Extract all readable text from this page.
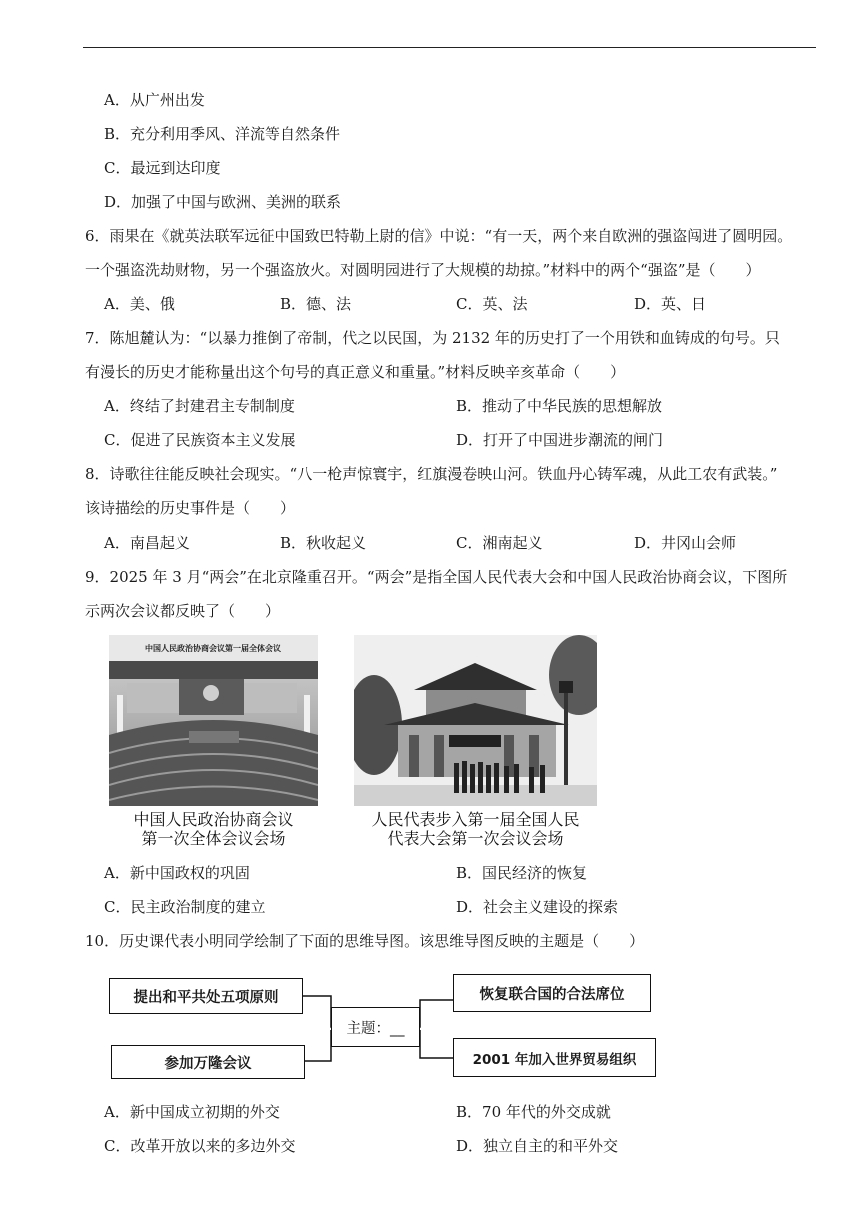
A．从广州出发
B．充分利用季风、洋流等自然条件
C．最远到达印度
D．加强了中国与欧洲、美洲的联系
6．雨果在《就英法联军远征中国致巴特勒上尉的信》中说：“有一天，两个来自欧洲的强盗闯进了圆明园。
一个强盗洗劫财物，另一个强盗放火。对圆明园进行了大规模的劫掠。”材料中的两个“强盗”是（　　）
A．美、俄	B．德、法	C．英、法	D．英、日
7．陈旭麓认为：“以暴力推倒了帝制，代之以民国，为 2132 年的历史打了一个用铁和血铸成的句号。只
有漫长的历史才能称量出这个句号的真正意义和重量。”材料反映辛亥革命（　　）
A．终结了封建君主专制制度	B．推动了中华民族的思想解放
C．促进了民族资本主义发展	D．打开了中国进步潮流的闸门
8．诗歌往往能反映社会现实。“八一枪声惊寰宇，红旗漫卷映山河。铁血丹心铸军魂，从此工农有武装。”
该诗描绘的历史事件是（　　）
A．南昌起义	B．秋收起义	C．湘南起义	D．井冈山会师
9．2025 年 3 月“两会”在北京隆重召开。“两会”是指全国人民代表大会和中国人民政治协商会议，下图所
示两次会议都反映了（　　）
中国人民政治协商会议第一届全体会议
中国人民政治协商会议
第一次全体会议会场
人民代表步入第一届全国人民
代表大会第一次会议会场
A．新中国政权的巩固	B．国民经济的恢复
C．民主政治制度的建立	D．社会主义建设的探索
10．历史课代表小明同学绘制了下面的思维导图。该思维导图反映的主题是（　　）
提出和平共处五项原则
参加万隆会议
主题：__
恢复联合国的合法席位
2001 年加入世界贸易组织
A．新中国成立初期的外交	B．70 年代的外交成就
C．改革开放以来的多边外交	D．独立自主的和平外交
